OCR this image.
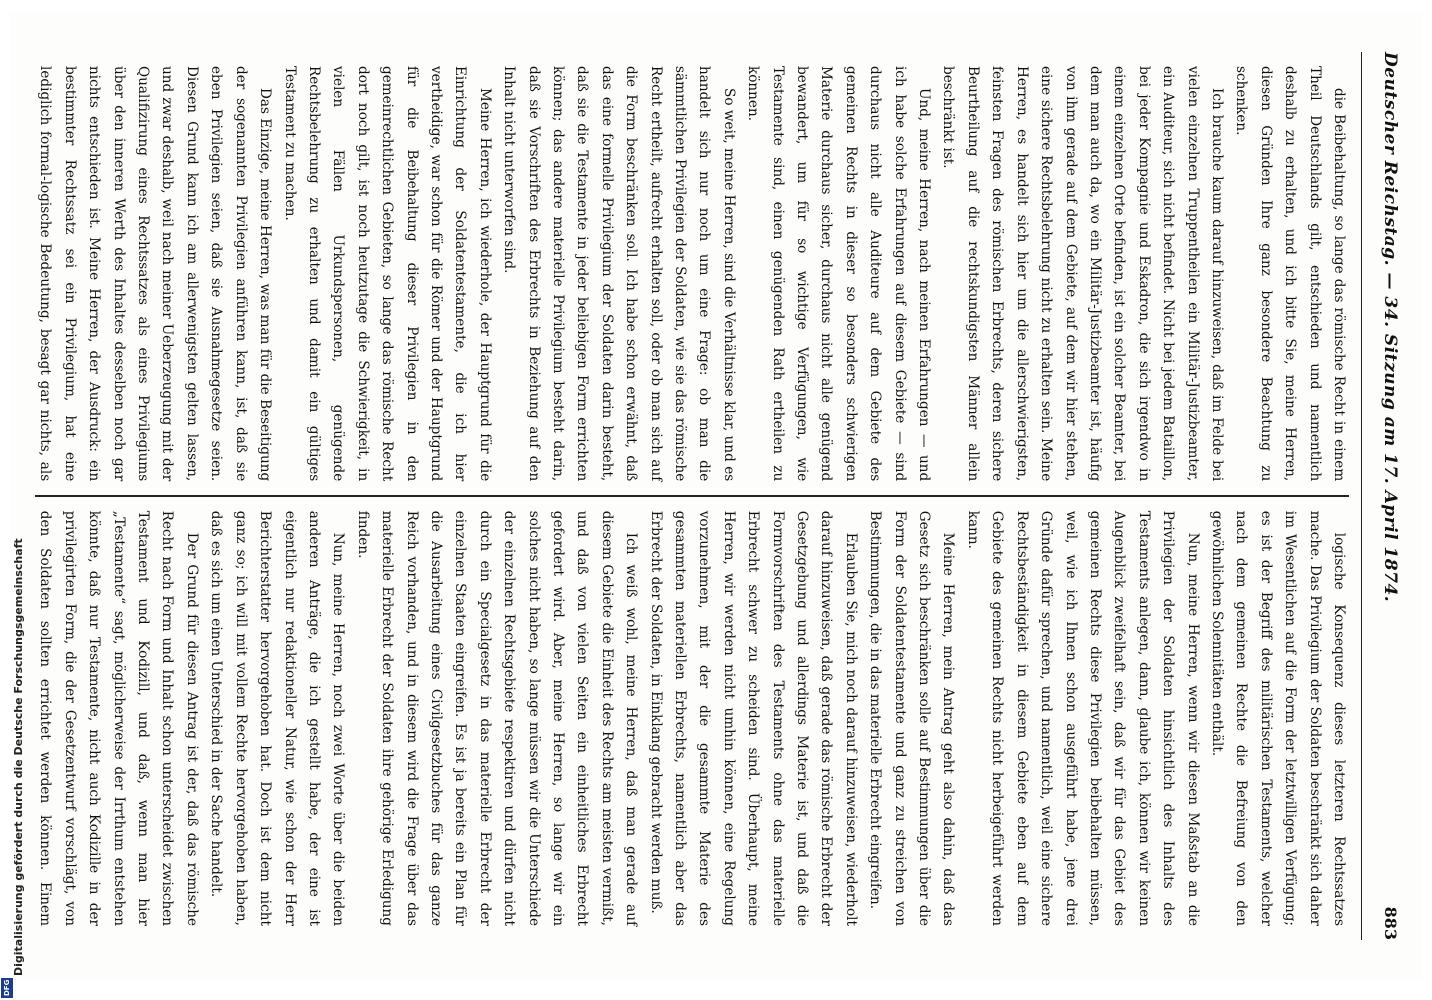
Deutscher Reichstag. — 34. Sitzung am 17. April 1874.
883

die Beibehaltung, so lange das römische Recht in einem Theil Deutschlands gilt, entschieden und namentlich deshalb zu erhalten, und ich bitte Sie, meine Herren, diesen Gründen Ihre ganz besondere Beachtung zu schenken.

Ich brauche kaum darauf hinzuweisen, daß im Felde bei vielen einzelnen Truppentheilen ein Militär-Justizbeamter, ein Auditeur, sich nicht befindet. Nicht bei jedem Bataillon, bei jeder Kompagnie und Eskadron, die sich irgendwo in einem einzelnen Orte befinden, ist ein solcher Beamter, bei dem man auch da, wo ein Militär-Justizbeamter ist, häufig von ihm gerade auf dem Gebiete, auf dem wir hier stehen, eine sichere Rechtsbelehrung nicht zu erhalten sein. Meine Herren, es handelt sich hier um die allerschwierigsten, feinsten Fragen des römischen Erbrechts, deren sichere Beurtheilung auf die rechtskundigsten Männer allein beschränkt ist.

Und, meine Herren, nach meinen Erfahrungen — und ich habe solche Erfahrungen auf diesem Gebiete — sind durchaus nicht alle Auditeure auf dem Gebiete des gemeinen Rechts in dieser so besonders schwierigen Materie durchaus sicher, durchaus nicht alle genügend bewandert, um für so wichtige Verfügungen, wie Testamente sind, einen genügenden Rath ertheilen zu können.

So weit, meine Herren, sind die Verhältnisse klar, und es handelt sich nur noch um eine Frage: ob man die sämmtlichen Privilegien der Soldaten, wie sie das römische Recht ertheilt, aufrecht erhalten soll, oder ob man sich auf die Form beschränken soll. Ich habe schon erwähnt, daß das eine formelle Privilegium der Soldaten darin besteht, daß sie die Testamente in jeder beliebigen Form errichten können; das andere materielle Privilegium besteht darin, daß sie Vorschriften des Erbrechts in Beziehung auf den Inhalt nicht unterworfen sind.

Meine Herren, ich wiederhole, der Hauptgrund für die Einrichtung der Soldatentestamente, die ich hier vertheidige, war schon für die Römer und der Hauptgrund für die Beibehaltung dieser Privilegien in den gemeinrechtlichen Gebieten, so lange das römische Recht dort noch gilt, ist noch heutzutage die Schwierigkeit, in vielen Fällen Urkundspersonen, genügende Rechtsbelehrung zu erhalten und damit ein gültiges Testament zu machen.

Das Einzige, meine Herren, was man für die Beseitigung der sogenannten Privilegien anführen kann, ist, daß sie eben Privilegien seien, daß sie Ausnahmegesetze seien. Diesen Grund kann ich am allerwenigsten gelten lassen, und zwar deshalb, weil nach meiner Ueberzeugung mit der Qualifizirung eines Rechtssatzes als eines Privilegiums über den inneren Werth des Inhaltes desselben noch gar nichts entschieden ist. Meine Herren, der Ausdruck: ein bestimmter Rechtssatz sei ein Privilegium, hat eine lediglich formal-logische Bedeutung, besagt gar nichts, als

logische Konsequenz dieses letzteren Rechtssatzes mache. Das Privilegium der Soldaten beschränkt sich daher im Wesentlichen auf die Form der letztwilligen Verfügung; es ist der Begriff des militärischen Testaments, welcher nach dem gemeinen Rechte die Befreiung von den gewöhnlichen Solennitäten enthält.

Nun, meine Herren, wenn wir diesen Maßstab an die Privilegien der Soldaten hinsichtlich des Inhalts des Testaments anlegen, dann, glaube ich, können wir keinen Augenblick zweifelhaft sein, daß wir für das Gebiet des gemeinen Rechts diese Privilegien beibehalten müssen, weil, wie ich Ihnen schon ausgeführt habe, jene drei Gründe dafür sprechen, und namentlich, weil eine sichere Rechtsbeständigkeit in diesem Gebiete eben auf dem Gebiete des gemeinen Rechts nicht herbeigeführt werden kann.

Meine Herren, mein Antrag geht also dahin, daß das Gesetz sich beschränken solle auf Bestimmungen über die Form der Soldatentestamente und ganz zu streichen von Bestimmungen, die in das materielle Erbrecht eingreifen.

Erlauben Sie, mich noch darauf hinzuweisen, wiederholt darauf hinzuweisen, daß gerade das römische Erbrecht der Gesetzgebung und allerdings Materie ist, und daß die Formvorschriften des Testaments ohne das materielle Erbrecht schwer zu scheiden sind. Überhaupt, meine Herren, wir werden nicht umhin können, eine Regelung vorzunehmen, mit der die gesammte Materie des gesammten materiellen Erbrechts, namentlich aber das Erbrecht der Soldaten, in Einklang gebracht werden muß.

Ich weiß wohl, meine Herren, daß man gerade auf diesem Gebiete die Einheit des Rechts am meisten vermißt, und daß von vielen Seiten ein einheitliches Erbrecht gefordert wird. Aber, meine Herren, so lange wir ein solches nicht haben, so lange müssen wir die Unterschiede der einzelnen Rechtsgebiete respektiren und dürfen nicht durch ein Specialgesetz in das materielle Erbrecht der einzelnen Staaten eingreifen. Es ist ja bereits ein Plan für die Ausarbeitung eines Civilgesetzbuches für das ganze Reich vorhanden, und in diesem wird die Frage über das materielle Erbrecht der Soldaten ihre gehörige Erledigung finden.

Nun, meine Herren, noch zwei Worte über die beiden anderen Anträge, die ich gestellt habe, der eine ist eigentlich nur redaktioneller Natur, wie schon der Herr Berichterstatter hervorgehoben hat. Doch ist dem nicht ganz so; ich will mit vollem Rechte hervorgehoben haben, daß es sich um einen Unterschied in der Sache handelt.

Der Grund für diesen Antrag ist der, daß das römische Recht nach Form und Inhalt schon unterscheidet zwischen Testament und Kodizill, und daß, wenn man hier „Testamente“ sagt, möglicherweise der Irrthum entstehen könnte, daß nur Testamente, nicht auch Kodizille in der privilegirten Form, die der Gesetzentwurf vorschlägt, von den Soldaten sollten errichtet werden können. Einem

Digitalisierung gefördert durch die Deutsche Forschungsgemeinschaft
DFG
